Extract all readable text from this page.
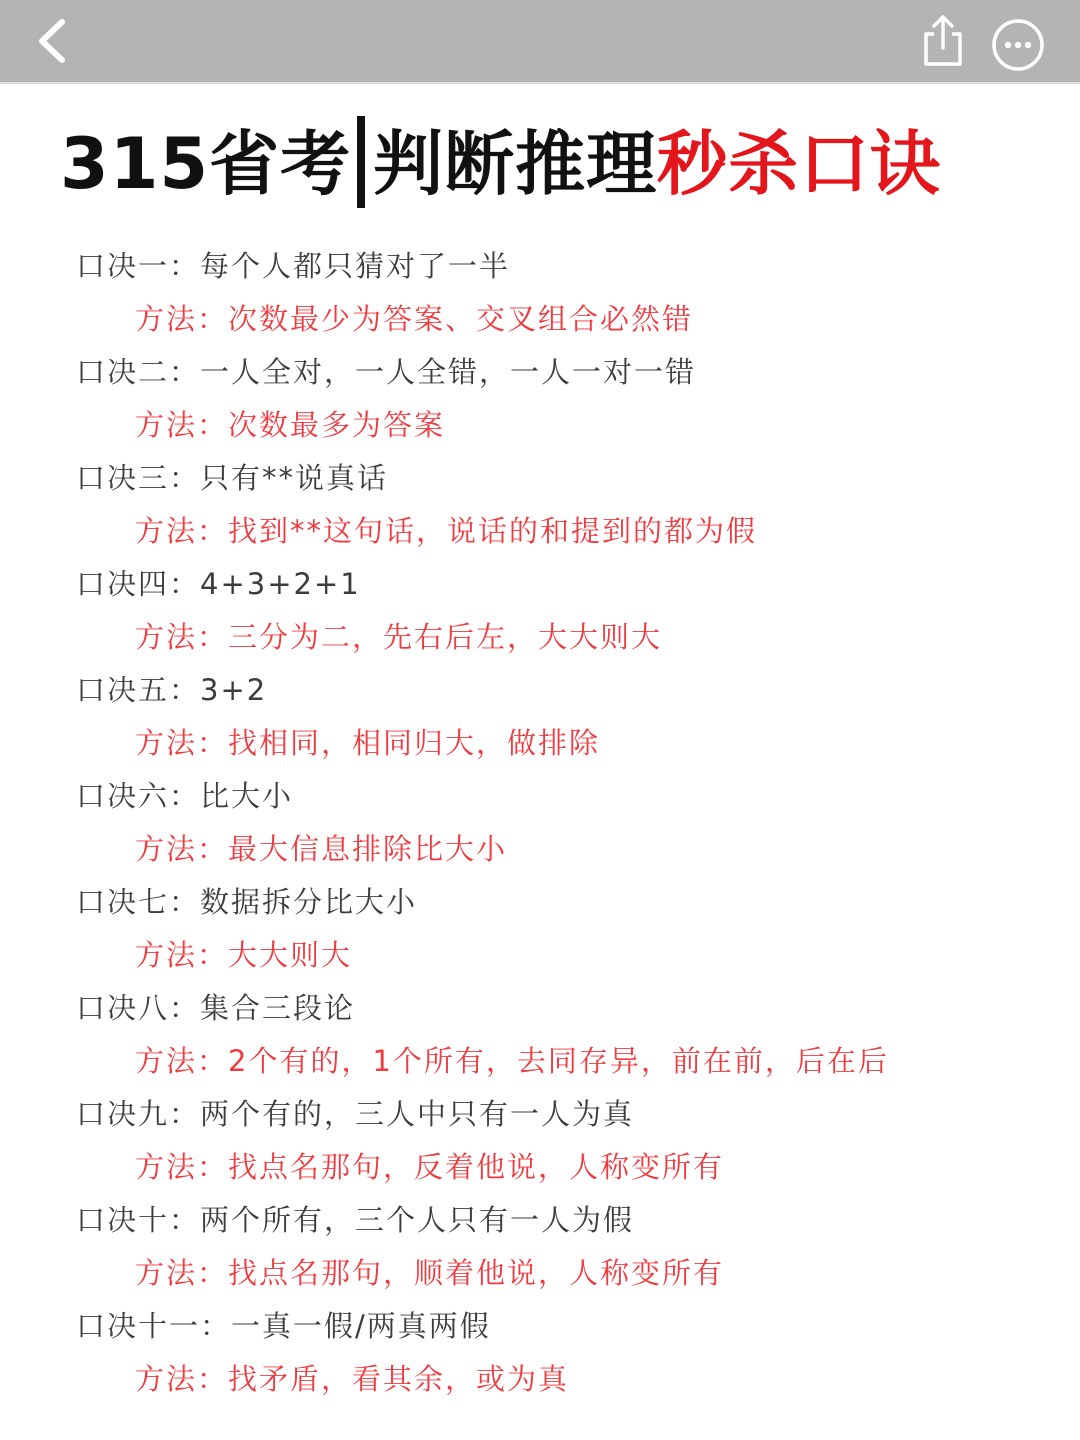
315省考 判断推理秒杀口诀
口决一：每个人都只猜对了一半
方法：次数最少为答案、交叉组合必然错
口决二：一人全对，一人全错，一人一对一错
方法：次数最多为答案
口决三：只有**说真话
方法：找到**这句话，说话的和提到的都为假
口决四：4+3+2+1
方法：三分为二，先右后左，大大则大
口决五：3+2
方法：找相同，相同归大，做排除
口决六：比大小
方法：最大信息排除比大小
口决七：数据拆分比大小
方法：大大则大
口决八：集合三段论
方法：2个有的，1个所有，去同存异，前在前，后在后
口决九：两个有的，三人中只有一人为真
方法：找点名那句，反着他说，人称变所有
口决十：两个所有，三个人只有一人为假
方法：找点名那句，顺着他说，人称变所有
口决十一：一真一假/两真两假
方法：找矛盾，看其余，或为真
